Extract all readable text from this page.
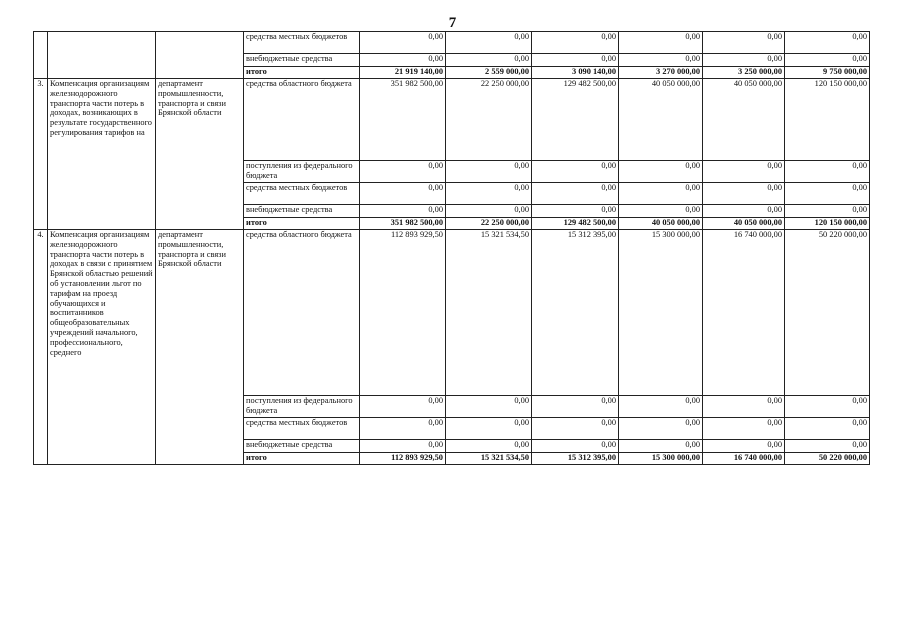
7
			средства местных бюджетов	0,00	0,00	0,00	0,00	0,00	0,00
			внебюджетные средства	0,00	0,00	0,00	0,00	0,00	0,00
			итого	21 919 140,00	2 559 000,00	3 090 140,00	3 270 000,00	3 250 000,00	9 750 000,00
3.	Компенсация организациям железнодорожного транспорта части потерь в доходах, возникающих в результате государственного регулирования тарифов на	департамент промышленности, транспорта и связи Брянской области	средства областного бюджета	351 982 500,00	22 250 000,00	129 482 500,00	40 050 000,00	40 050 000,00	120 150 000,00
			поступления из федерального бюджета	0,00	0,00	0,00	0,00	0,00	0,00
			средства местных бюджетов	0,00	0,00	0,00	0,00	0,00	0,00
			внебюджетные средства	0,00	0,00	0,00	0,00	0,00	0,00
			итого	351 982 500,00	22 250 000,00	129 482 500,00	40 050 000,00	40 050 000,00	120 150 000,00
4.	Компенсация организациям железнодорожного транспорта части потерь в доходах в связи с принятием Брянской областью решений об установлении льгот по тарифам на проезд обучающихся и воспитанников общеобразовательных учреждений начального, профессионального, среднего	департамент промышленности, транспорта и связи Брянской области	средства областного бюджета	112 893 929,50	15 321 534,50	15 312 395,00	15 300 000,00	16 740 000,00	50 220 000,00
			поступления из федерального бюджета	0,00	0,00	0,00	0,00	0,00	0,00
			средства местных бюджетов	0,00	0,00	0,00	0,00	0,00	0,00
			внебюджетные средства	0,00	0,00	0,00	0,00	0,00	0,00
			итого	112 893 929,50	15 321 534,50	15 312 395,00	15 300 000,00	16 740 000,00	50 220 000,00
